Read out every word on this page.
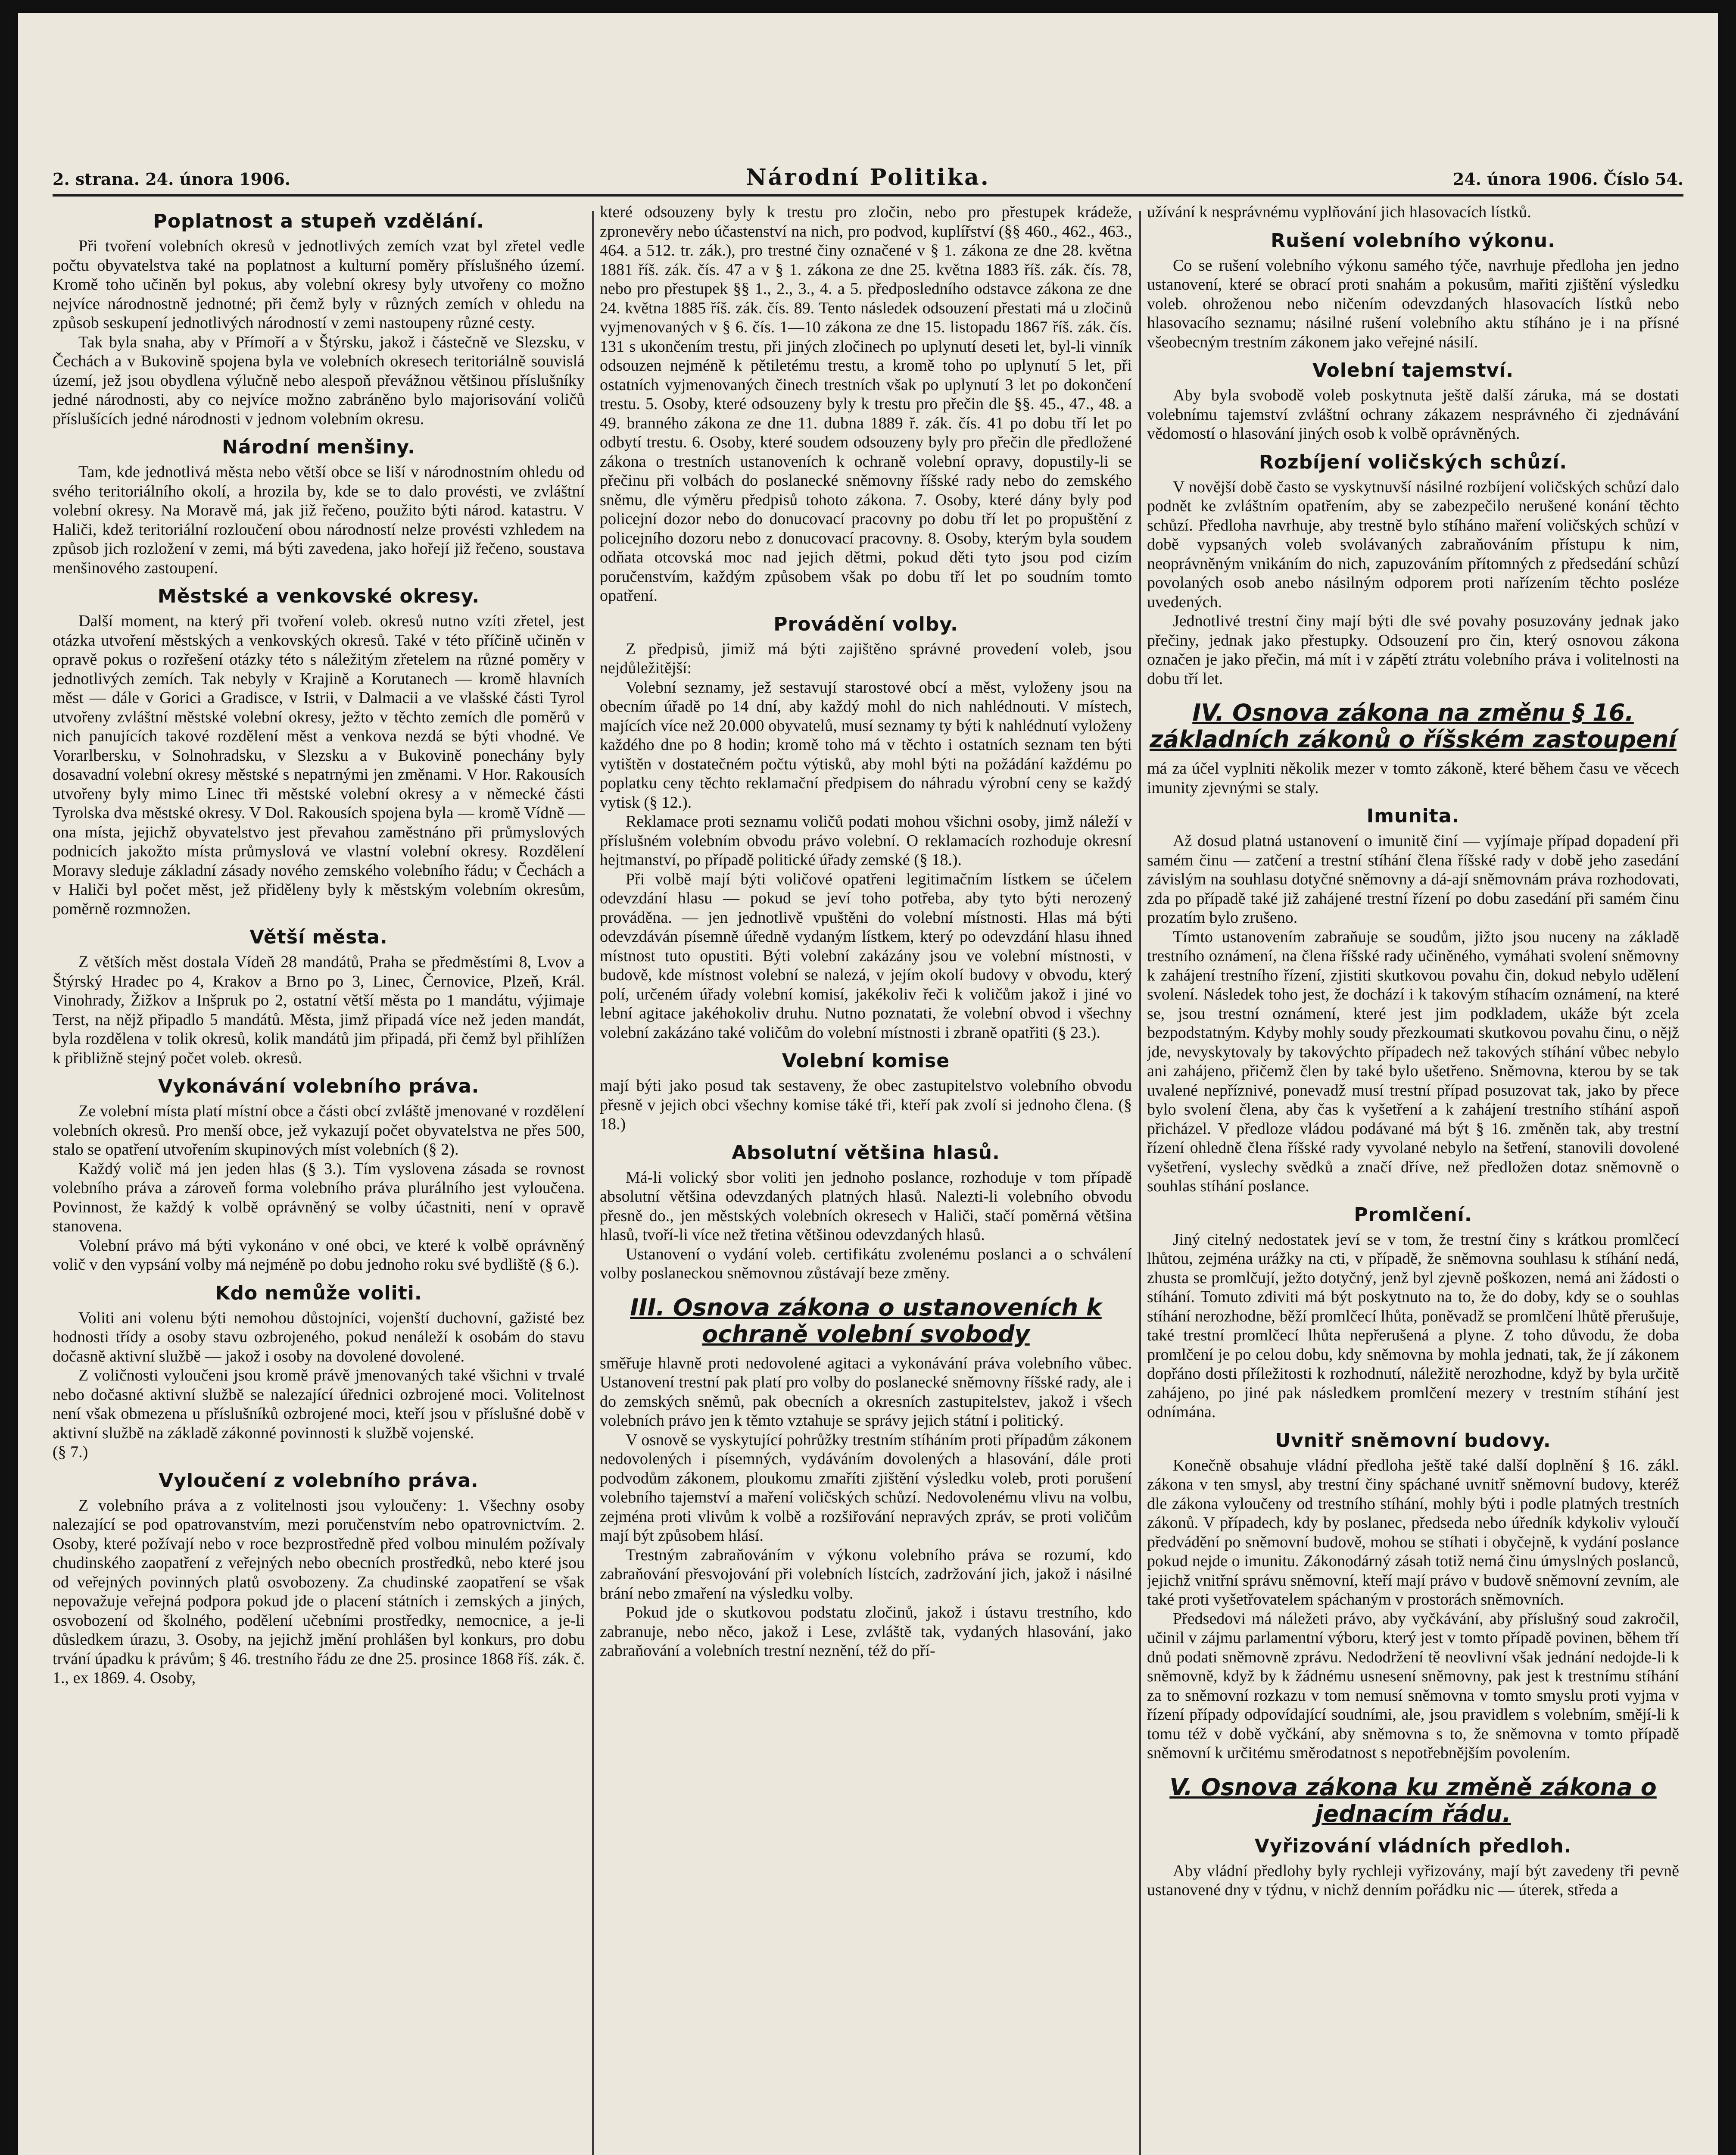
2. strana. 24. února 1906.	Národní Politika.	24. února 1906. Číslo 54.
Poplatnost a stupeň vzdělání.

Při tvoření volebních okresů v jednotlivých zemích vzat byl zřetel vedle počtu obyvatelstva také na poplatnost a kulturní poměry příslušného území. Kromě toho učiněn byl pokus, aby volební okresy byly utvořeny co možno nejvíce národnostně jednotné; při čemž byly v různých zemích v ohledu na způsob seskupení jednotlivých národností v zemi nastoupeny různé cesty.

Tak byla snaha, aby v Přímoří a v Štýrsku, jakož i částečně ve Slezsku, v Čechách a v Bukovině spojena byla ve volebních okresech teritoriálně souvislá území, jež jsou obydlena výlučně nebo alespoň převážnou většinou příslušníky jedné národnosti, aby co nejvíce možno zabráněno bylo majorisování voličů příslušících jedné národnosti v jednom volebním okresu.

Národní menšiny.

Tam, kde jednotlivá města nebo větší obce se liší v národnostním ohledu od svého teritoriálního okolí, a hrozila by, kde se to dalo provésti, ve zvláštní volební okresy. Na Moravě má, jak již řečeno, použito býti národ. katastru. V Haliči, kdež teritoriální rozloučení obou národností nelze provésti vzhledem na způsob jich rozložení v zemi, má býti zavedena, jako hořejí již řečeno, soustava menšinového zastoupení.

Městské a venkovské okresy.

Další moment, na který při tvoření voleb. okresů nutno vzíti zřetel, jest otázka utvoření městských a venkovských okresů. Také v této příčině učiněn v opravě pokus o rozřešení otázky této s náležitým zřetelem na různé poměry v jednotlivých zemích. Tak nebyly v Krajině a Korutanech — kromě hlavních měst — dále v Gorici a Gradisce, v Istrii, v Dalmacii a ve vlašské části Tyrol utvořeny zvláštní městské volební okresy, ježto v těchto zemích dle poměrů v nich panujících takové rozdělení měst a venkova nezdá se býti vhodné. Ve Vorarlbersku, v Solnohradsku, v Slezsku a v Bukovině ponechány byly dosavadní volební okresy městské s nepatrnými jen změnami. V Hor. Rakousích utvořeny byly mimo Linec tři městské volební okresy a v německé části Tyrolska dva městské okresy. V Dol. Rakousích spojena byla — kromě Vídně — ona místa, jejichž obyvatelstvo jest převahou zaměstnáno při průmyslových podnicích jakožto místa průmyslová ve vlastní volební okresy. Rozdělení Moravy sleduje základní zásady nového zemského volebního řádu; v Čechách a v Haliči byl počet měst, jež přiděleny byly k městským volebním okresům, poměrně rozmnožen.

Větší města.

Z větších měst dostala Vídeň 28 mandátů, Praha se předměstími 8, Lvov a Štýrský Hradec po 4, Krakov a Brno po 3, Linec, Černovice, Plzeň, Král. Vinohrady, Žižkov a Inšpruk po 2, ostatní větší města po 1 mandátu, výjimaje Terst, na nějž připadlo 5 mandátů. Města, jimž připadá více než jeden mandát, byla rozdělena v tolik okresů, kolik mandátů jim připadá, při čemž byl přihlížen k přibližně stejný počet voleb. okresů.

Vykonávání volebního práva.

Ze volební místa platí místní obce a části obcí zvláště jmenované v rozdělení volebních okresů. Pro menší obce, jež vykazují počet obyvatelstva ne přes 500, stalo se opatření utvořením skupinových míst volebních (§ 2).

Každý volič má jen jeden hlas (§ 3.). Tím vyslovena zásada se rovnost volebního práva a zároveň forma volebního práva plurálního jest vyloučena. Povinnost, že každý k volbě oprávněný se volby účastniti, není v opravě stanovena.

Volební právo má býti vykonáno v oné obci, ve které k volbě oprávněný volič v den vypsání volby má nejméně po dobu jednoho roku své bydliště (§ 6.).

Kdo nemůže voliti.

Voliti ani volenu býti nemohou důstojníci, vojenští duchovní, gažisté bez hodnosti třídy a osoby stavu ozbrojeného, pokud nenáleží k osobám do stavu dočasně aktivní službě — jakož i osoby na dovolené dovolené.

Z voličnosti vyloučeni jsou kromě právě jmenovaných také všichni v trvalé nebo dočasné aktivní službě se nalezající úřednici ozbrojené moci. Volitelnost není však obmezena u příslušníků ozbrojené moci, kteří jsou v příslušné době v aktivní službě na základě zákonné povinnosti k službě vojenské.

(§ 7.)

Vyloučení z volebního práva.

Z volebního práva a z volitelnosti jsou vyloučeny: 1. Všechny osoby nalezající se pod opatrovanstvím, mezi poručenstvím nebo opatrovnictvím. 2. Osoby, které požívají nebo v roce bezprostředně před volbou minulém požívaly chudinského zaopatření z veřejných nebo obecních prostředků, nebo které jsou od veřejných povinných platů osvobozeny. Za chudinské zaopatření se však nepovažuje veřejná podpora pokud jde o placení státních i zemských a jiných, osvobození od školného, podělení učebními prostředky, nemocnice, a je-li důsledkem úrazu, 3. Osoby, na jejichž jmění prohlášen byl konkurs, pro dobu trvání úpadku k právům; § 46. trestního řádu ze dne 25. prosince 1868 říš. zák. č. 1., ex 1869. 4. Osoby,

které odsouzeny byly k trestu pro zločin, nebo pro přestupek krádeže, zpronevěry nebo účastenství na nich, pro podvod, kuplířství (§§ 460., 462., 463., 464. a 512. tr. zák.), pro trestné činy označené v § 1. zákona ze dne 28. května 1881 říš. zák. čís. 47 a v § 1. zákona ze dne 25. května 1883 říš. zák. čís. 78, nebo pro přestupek §§ 1., 2., 3., 4. a 5. předposledního odstavce zákona ze dne 24. května 1885 říš. zák. čís. 89. Tento následek odsouzení přestati má u zločinů vyjmenovaných v § 6. čís. 1—10 zákona ze dne 15. listopadu 1867 říš. zák. čís. 131 s ukončením trestu, při jiných zločinech po uplynutí deseti let, byl-li vinník odsouzen nejméně k pětiletému trestu, a kromě toho po uplynutí 5 let, při ostatních vyjmenovaných činech trestních však po uplynutí 3 let po dokončení trestu. 5. Osoby, které odsouzeny byly k trestu pro přečin dle §§. 45., 47., 48. a 49. branného zákona ze dne 11. dubna 1889 ř. zák. čís. 41 po dobu tří let po odbytí trestu. 6. Osoby, které soudem odsouzeny byly pro přečin dle předložené zákona o trestních ustanoveních k ochraně volební opravy, dopustily-li se přečinu při volbách do poslanecké sněmovny říšské rady nebo do zemského sněmu, dle výměru předpisů tohoto zákona. 7. Osoby, které dány byly pod policejní dozor nebo do donucovací pracovny po dobu tří let po propuštění z policejního dozoru nebo z donucovací pracovny. 8. Osoby, kterým byla soudem odňata otcovská moc nad jejich dětmi, pokud děti tyto jsou pod cizím poručenstvím, každým způsobem však po dobu tří let po soudním tomto opatření.

Provádění volby.

Z předpisů, jimiž má býti zajištěno správné provedení voleb, jsou nejdůležitější:

Volební seznamy, jež sestavují starostové obcí a měst, vyloženy jsou na obecním úřadě po 14 dní, aby každý mohl do nich nahlédnouti. V místech, majících více než 20.000 obyvatelů, musí seznamy ty býti k nahlédnutí vyloženy každého dne po 8 hodin; kromě toho má v těchto i ostatních seznam ten býti vytištěn v dostatečném počtu výtisků, aby mohl býti na požádání každému po poplatku ceny těchto reklamační předpisem do náhradu výrobní ceny se každý vytisk (§ 12.).

Reklamace proti seznamu voličů podati mohou všichni osoby, jimž náleží v příslušném volebním obvodu právo volební. O reklamacích rozhoduje okresní hejtmanství, po případě politické úřady zemské (§ 18.).

Při volbě mají býti voličové opatřeni legitimačním lístkem se účelem odevzdání hlasu — pokud se jeví toho potřeba, aby tyto býti nerozený prováděna. — jen jednotlivě vpuštěni do volební místnosti. Hlas má býti odevzdáván písemně úředně vydaným lístkem, který po odevzdání hlasu ihned místnost tuto opustiti. Býti volební zakázány jsou ve volební místnosti, v budově, kde místnost volební se nalezá, v jejím okolí budovy v obvodu, který polí, určeném úřady volební komisí, jakékoliv řeči k voličům jakož i jiné vo lební agitace jakéhokoliv druhu. Nutno poznatati, že volební obvod i všechny volební zakázáno také voličům do volební místnosti i zbraně opatřiti (§ 23.).

Volební komise

mají býti jako posud tak sestaveny, že obec zastupitelstvo volebního obvodu přesně v jejich obci všechny komise táké tři, kteří pak zvolí si jednoho člena. (§ 18.)

Absolutní většina hlasů.

Má-li volický sbor voliti jen jednoho poslance, rozhoduje v tom případě absolutní většina odevzdaných platných hlasů. Nalezti-li volebního obvodu přesně do., jen městských volebních okresech v Haliči, stačí poměrná většina hlasů, tvoří-li více než třetina většinou odevzdaných hlasů.

Ustanovení o vydání voleb. certifikátu zvolenému poslanci a o schválení volby poslaneckou sněmovnou zůstávají beze změny.

III. Osnova zákona o ustanoveních k ochraně volební svobody

směřuje hlavně proti nedovolené agitaci a vykonávání práva volebního vůbec. Ustanovení trestní pak platí pro volby do poslanecké sněmovny říšské rady, ale i do zemských sněmů, pak obecních a okresních zastupitelstev, jakož i všech volebních právo jen k těmto vztahuje se správy jejich státní i politický.

V osnově se vyskytující pohrůžky trestním stíháním proti případům zákonem nedovolených i písemných, vydáváním dovolených a hlasování, dále proti podvodům zákonem, ploukomu zmaříti zjištění výsledku voleb, proti porušení volebního tajemství a maření voličských schůzí. Nedovolenému vlivu na volbu, zejména proti vlivům k volbě a rozšiřování nepravých zpráv, se proti voličům mají být způsobem hlásí.

Trestným zabraňováním v výkonu volebního práva se rozumí, kdo zabraňování přesvojování při volebních lístcích, zadržování jich, jakož i násilné brání nebo zmaření na výsledku volby.

Pokud jde o skutkovou podstatu zločinů, jakož i ústavu trestního, kdo zabranuje, nebo něco, jakož i Lese, zvláště tak, vydaných hlasování, jako zabraňování a volebních trestní neznění, též do pří-

užívání k nesprávnému vyplňování jich hlasovacích lístků.

Rušení volebního výkonu.

Co se rušení volebního výkonu samého týče, navrhuje předloha jen jedno ustanovení, které se obrací proti snahám a pokusům, mařiti zjištění výsledku voleb. ohroženou nebo ničením odevzdaných hlasovacích lístků nebo hlasovacího seznamu; násilné rušení volebního aktu stíháno je i na přísné všeobecným trestním zákonem jako veřejné násilí.

Volební tajemství.

Aby byla svobodě voleb poskytnuta ještě další záruka, má se dostati volebnímu tajemství zvláštní ochrany zákazem nesprávného či zjednávání vědomostí o hlasování jiných osob k volbě oprávněných.

Rozbíjení voličských schůzí.

V novější době často se vyskytnuvší násilné rozbíjení voličských schůzí dalo podnět ke zvláštním opatřením, aby se zabezpečilo nerušené konání těchto schůzí. Předloha navrhuje, aby trestně bylo stíháno maření voličských schůzí v době vypsaných voleb svolávaných zabraňováním přístupu k nim, neoprávněným vnikáním do nich, zapuzováním přítomných z předsedání schůzí povolaných osob anebo násilným odporem proti nařízením těchto posléze uvedených.

Jednotlivé trestní činy mají býti dle své povahy posuzovány jednak jako přečiny, jednak jako přestupky. Odsouzení pro čin, který osnovou zákona označen je jako přečin, má mít i v zápětí ztrátu volebního práva i volitelnosti na dobu tří let.

IV. Osnova zákona na změnu § 16. základních zákonů o říšském zastoupení

má za účel vyplniti několik mezer v tomto zákoně, které během času ve věcech imunity zjevnými se staly.

Imunita.

Až dosud platná ustanovení o imunitě činí — vyjímaje případ dopadení při samém činu — zatčení a trestní stíhání člena říšské rady v době jeho zasedání závislým na souhlasu dotyčné sněmovny a dá-ají sněmovnám práva rozhodovati, zda po případě také již zahájené trestní řízení po dobu zasedání při samém činu prozatím bylo zrušeno.

Tímto ustanovením zabraňuje se soudům, jižto jsou nuceny na základě trestního oznámení, na člena říšské rady učiněného, vymáhati svolení sněmovny k zahájení trestního řízení, zjistiti skutkovou povahu čin, dokud nebylo udělení svolení. Následek toho jest, že dochází i k takovým stíhacím oznámení, na které se, jsou trestní oznámení, které jest jim podkladem, ukáže být zcela bezpodstatným. Kdyby mohly soudy přezkoumati skutkovou povahu činu, o nějž jde, nevyskytovaly by takovýchto případech než takových stíhání vůbec nebylo ani zahájeno, přičemž člen by také bylo ušetřeno. Sněmovna, kterou by se tak uvalené nepříznivé, ponevadž musí trestní případ posuzovat tak, jako by přece bylo svolení člena, aby čas k vyšetření a k zahájení trestního stíhání aspoň přicházel. V předloze vládou podávané má být § 16. změněn tak, aby trestní řízení ohledně člena říšské rady vyvolané nebylo na šetření, stanovili dovolené vyšetření, vyslechy svědků a značí dříve, než předložen dotaz sněmovně o souhlas stíhání poslance.

Promlčení.

Jiný citelný nedostatek jeví se v tom, že trestní činy s krátkou promlčecí lhůtou, zejména urážky na cti, v případě, že sněmovna souhlasu k stíhání nedá, zhusta se promlčují, ježto dotyčný, jenž byl zjevně poškozen, nemá ani žádosti o stíhání. Tomuto zdiviti má být poskytnuto na to, že do doby, kdy se o souhlas stíhání nerozhodne, běží promlčecí lhůta, poněvadž se promlčení lhůtě přerušuje, také trestní promlčecí lhůta nepřerušená a plyne. Z toho důvodu, že doba promlčení je po celou dobu, kdy sněmovna by mohla jednati, tak, že jí zákonem dopřáno dosti příležitosti k rozhodnutí, náležitě nerozhodne, když by byla určitě zahájeno, po jiné pak následkem promlčení mezery v trestním stíhání jest odnímána.

Uvnitř sněmovní budovy.

Konečně obsahuje vládní předloha ještě také další doplnění § 16. zákl. zákona v ten smysl, aby trestní činy spáchané uvnitř sněmovní budovy, kteréž dle zákona vyloučeny od trestního stíhání, mohly býti i podle platných trestních zákonů. V případech, kdy by poslanec, předseda nebo úředník kdykoliv vyloučí předvádění po sněmovní budově, mohou se stíhati i obyčejně, k vydání poslance pokud nejde o imunitu. Zákonodárný zásah totiž nemá činu úmyslných poslanců, jejichž vnitřní správu sněmovní, kteří mají právo v budově sněmovní zevním, ale také proti vyšetřovatelem spáchaným v prostorách sněmovních.

Předsedovi má náležeti právo, aby vyčkávání, aby příslušný soud zakročil, učinil v zájmu parlamentní výboru, který jest v tomto případě povinen, během tří dnů podati sněmovně zprávu. Nedodržení tě neovlivní však jednání nedojde-li k sněmovně, když by k žádnému usnesení sněmovny, pak jest k trestnímu stíhání za to sněmovní rozkazu v tom nemusí sněmovna v tomto smyslu proti vyjma v řízení případy odpovídající soudními, ale, jsou pravidlem s volebním, smějí-li k tomu též v době vyčkání, aby sněmovna s to, že sněmovna v tomto případě sněmovní k určitému směrodatnost s nepotřebnějším povolením.

V. Osnova zákona ku změně zákona o jednacím řádu.
Vyřizování vládních předloh.

Aby vládní předlohy byly rychleji vyřizovány, mají být zavedeny tři pevně ustanovené dny v týdnu, v nichž denním pořádku nic — úterek, středa a
